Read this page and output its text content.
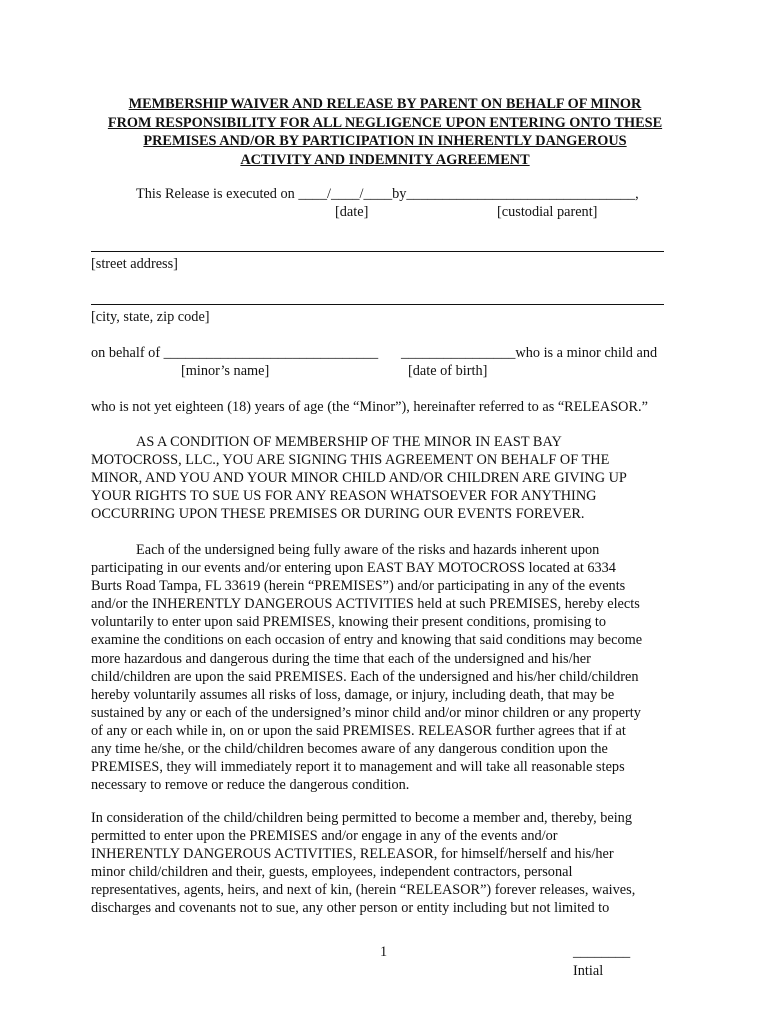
MEMBERSHIP WAIVER AND RELEASE BY PARENT ON BEHALF OF MINOR
FROM RESPONSIBILITY FOR ALL NEGLIGENCE UPON ENTERING ONTO THESE
PREMISES AND/OR BY PARTICIPATION IN INHERENTLY DANGEROUS
ACTIVITY AND INDEMNITY AGREEMENT
This Release is executed on ____/____/____by________________________________,
[date]	[custodial parent]
[street address]
[city, state, zip code]
on behalf of ______________________________ ________________who is a minor child and
[minor’s name]	[date of birth]
who is not yet eighteen (18) years of age (the “Minor”), hereinafter referred to as “RELEASOR.”
AS A CONDITION OF MEMBERSHIP OF THE MINOR IN EAST BAY
MOTOCROSS, LLC., YOU ARE SIGNING THIS AGREEMENT ON BEHALF OF THE
MINOR, AND YOU AND YOUR MINOR CHILD AND/OR CHILDREN ARE GIVING UP
YOUR RIGHTS TO SUE US FOR ANY REASON WHATSOEVER FOR ANYTHING
OCCURRING UPON THESE PREMISES OR DURING OUR EVENTS FOREVER.
Each of the undersigned being fully aware of the risks and hazards inherent upon
participating in our events and/or entering upon EAST BAY MOTOCROSS located at 6334
Burts Road Tampa, FL 33619 (herein “PREMISES”) and/or participating in any of the events
and/or the INHERENTLY DANGEROUS ACTIVITIES held at such PREMISES, hereby elects
voluntarily to enter upon said PREMISES, knowing their present conditions, promising to
examine the conditions on each occasion of entry and knowing that said conditions may become
more hazardous and dangerous during the time that each of the undersigned and his/her
child/children are upon the said PREMISES. Each of the undersigned and his/her child/children
hereby voluntarily assumes all risks of loss, damage, or injury, including death, that may be
sustained by any or each of the undersigned’s minor child and/or minor children or any property
of any or each while in, on or upon the said PREMISES. RELEASOR further agrees that if at
any time he/she, or the child/children becomes aware of any dangerous condition upon the
PREMISES, they will immediately report it to management and will take all reasonable steps
necessary to remove or reduce the dangerous condition.
In consideration of the child/children being permitted to become a member and, thereby, being
permitted to enter upon the PREMISES and/or engage in any of the events and/or
INHERENTLY DANGEROUS ACTIVITIES, RELEASOR, for himself/herself and his/her
minor child/children and their, guests, employees, independent contractors, personal
representatives, agents, heirs, and next of kin, (herein “RELEASOR”) forever releases, waives,
discharges and covenants not to sue, any other person or entity including but not limited to
1	________
Intial
